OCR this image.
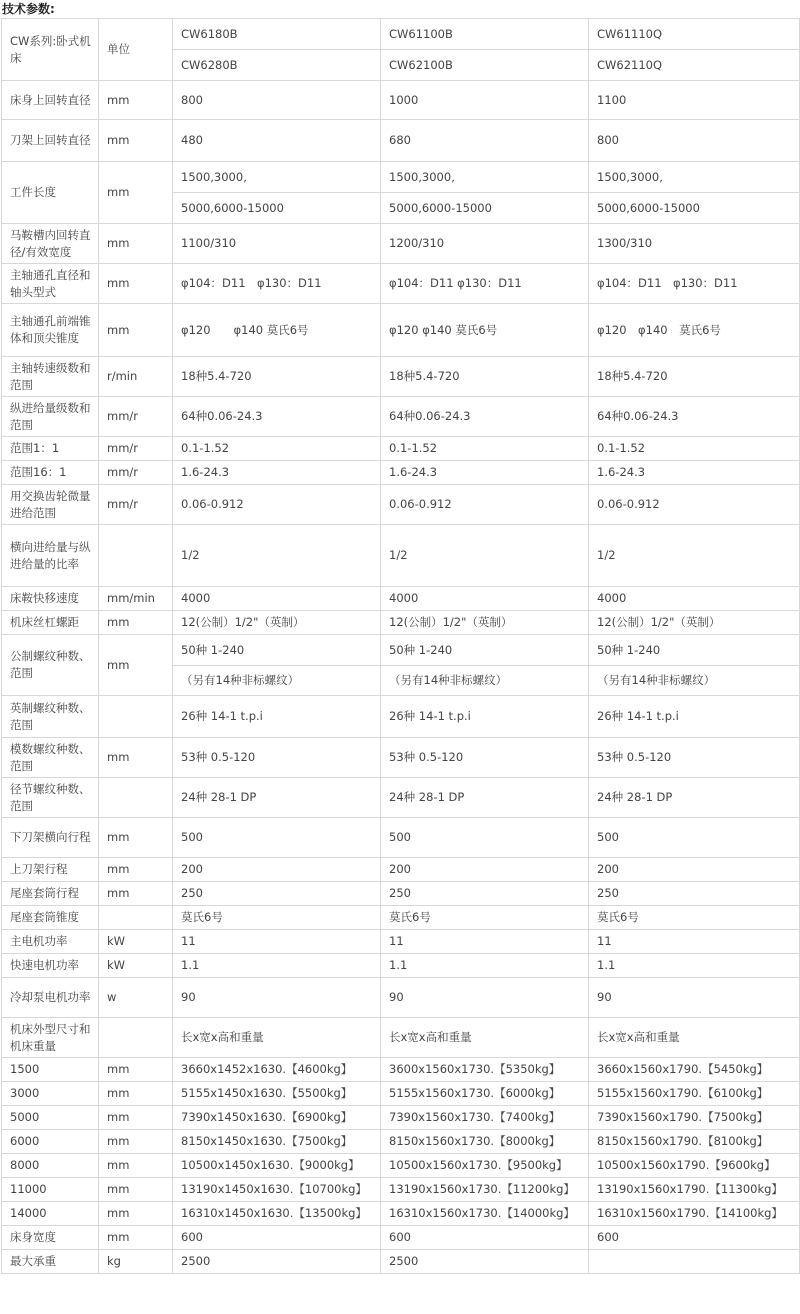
技术参数:
CW系列:卧式机床	单位	CW6180B	CW61100B	CW61110Q
		CW6280B	CW62100B	CW62110Q
床身上回转直径	mm	800	1000	1100
刀架上回转直径	mm	480	680	800
工件长度	mm	1500,3000,	1500,3000,	1500,3000,
		5000,6000-15000	5000,6000-15000	5000,6000-15000
马鞍槽内回转直径/有效宽度	mm	1100/310	1200/310	1300/310
主轴通孔直径和轴头型式	mm	φ104：D11　φ130：D11	φ104：D11 φ130：D11	φ104：D11　φ130：D11
主轴通孔前端锥体和顶尖锥度	mm	φ120　　φ140 莫氏6号	φ120 φ140 莫氏6号	φ120　φ140　莫氏6号
主轴转速级数和范围	r/min	18种5.4-720	18种5.4-720	18种5.4-720
纵进给量级数和范围	mm/r	64种0.06-24.3	64种0.06-24.3	64种0.06-24.3
范围1：1	mm/r	0.1-1.52	0.1-1.52	0.1-1.52
范围16：1	mm/r	1.6-24.3	1.6-24.3	1.6-24.3
用交换齿轮微量进给范围	mm/r	0.06-0.912	0.06-0.912	0.06-0.912
横向进给量与纵进给量的比率		1/2	1/2	1/2
床鞍快移速度	mm/min	4000	4000	4000
机床丝杠螺距	mm	12(公制）1/2"（英制）	12(公制）1/2"（英制）	12(公制）1/2"（英制）
公制螺纹种数、范围	mm	50种 1-240	50种 1-240	50种 1-240
		（另有14种非标螺纹）	（另有14种非标螺纹）	（另有14种非标螺纹）
英制螺纹种数、范围		26种 14-1 t.p.i	26种 14-1 t.p.i	26种 14-1 t.p.i
模数螺纹种数、范围	mm	53种 0.5-120	53种 0.5-120	53种 0.5-120
径节螺纹种数、范围		24种 28-1 DP	24种 28-1 DP	24种 28-1 DP
下刀架横向行程	mm	500	500	500
上刀架行程	mm	200	200	200
尾座套筒行程	mm	250	250	250
尾座套筒锥度		莫氏6号	莫氏6号	莫氏6号
主电机功率	kW	11	11	11
快速电机功率	kW	1.1	1.1	1.1
冷却泵电机功率	w	90	90	90
机床外型尺寸和机床重量		长x宽x高和重量	长x宽x高和重量	长x宽x高和重量
1500	mm	3660x1452x1630.【4600kg】	3600x1560x1730.【5350kg】	3660x1560x1790.【5450kg】
3000	mm	5155x1450x1630.【5500kg】	5155x1560x1730.【6000kg】	5155x1560x1790.【6100kg】
5000	mm	7390x1450x1630.【6900kg】	7390x1560x1730.【7400kg】	7390x1560x1790.【7500kg】
6000	mm	8150x1450x1630.【7500kg】	8150x1560x1730.【8000kg】	8150x1560x1790.【8100kg】
8000	mm	10500x1450x1630.【9000kg】	10500x1560x1730.【9500kg】	10500x1560x1790.【9600kg】
11000	mm	13190x1450x1630.【10700kg】	13190x1560x1730.【11200kg】	13190x1560x1790.【11300kg】
14000	mm	16310x1450x1630.【13500kg】	16310x1560x1730.【14000kg】	16310x1560x1790.【14100kg】
床身宽度	mm	600	600	600
最大承重	kg	2500	2500	
